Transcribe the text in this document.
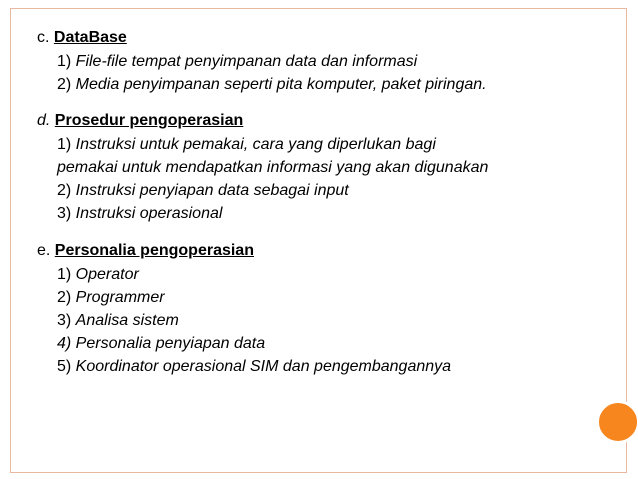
c. DataBase

1) File-file tempat penyimpanan data dan informasi
2) Media penyimpanan seperti pita komputer, paket piringan.

d. Prosedur pengoperasian

1) Instruksi untuk pemakai, cara yang diperlukan bagi
pemakai untuk mendapatkan informasi yang akan digunakan
2) Instruksi penyiapan data sebagai input
3) Instruksi operasional

e. Personalia pengoperasian

1) Operator
2) Programmer
3) Analisa sistem
4) Personalia penyiapan data
5) Koordinator operasional SIM dan pengembangannya
